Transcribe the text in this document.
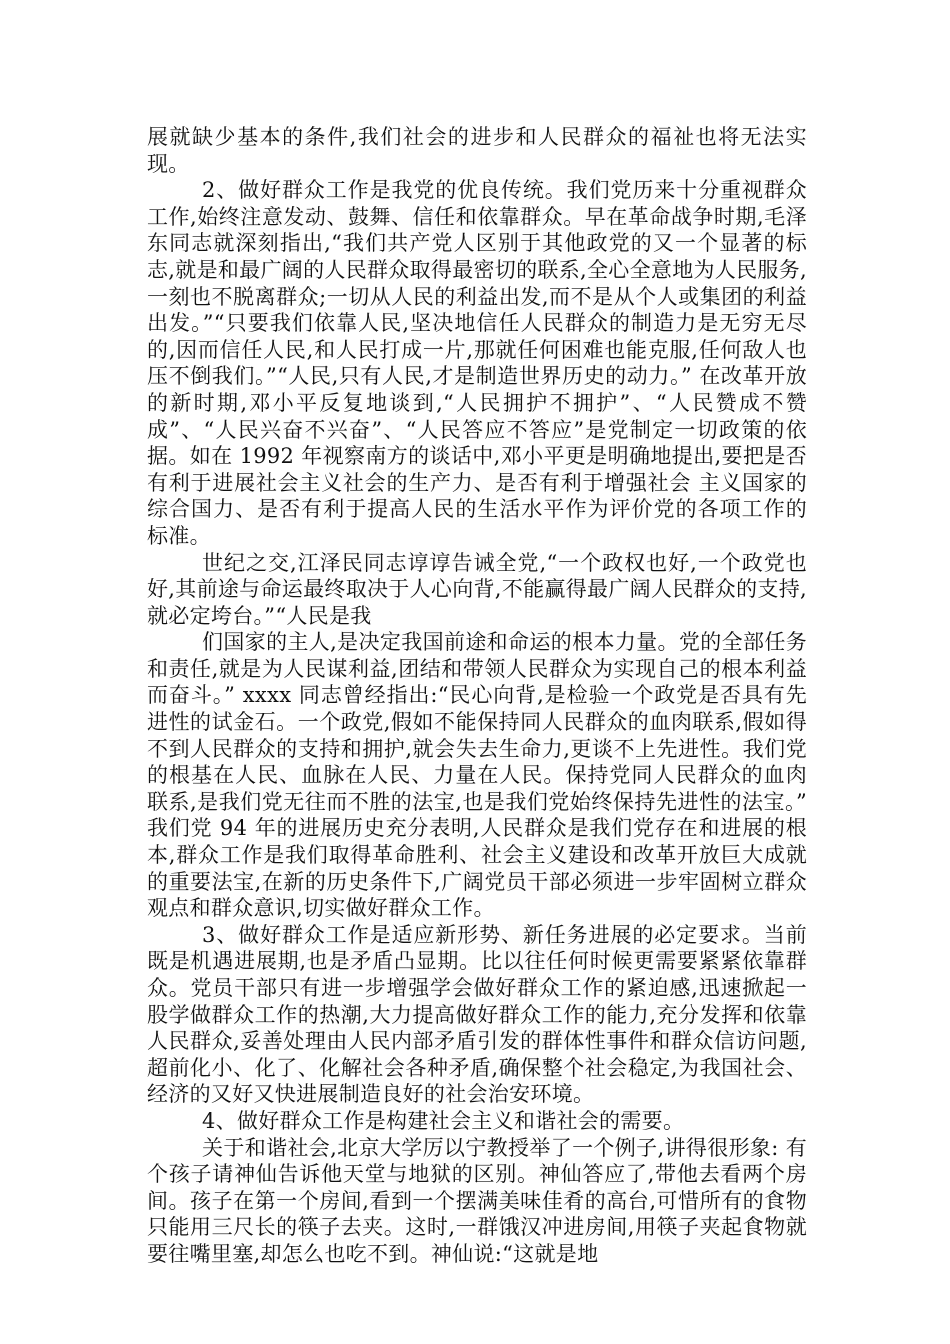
展就缺少基本的条件,我们社会的进步和人民群众的福祉也将无法实现。

2、做好群众工作是我党的优良传统。我们党历来十分重视群众工作,始终注意发动、鼓舞、信任和依靠群众。早在革命战争时期,毛泽东同志就深刻指出,“我们共产党人区别于其他政党的又一个显著的标志,就是和最广阔的人民群众取得最密切的联系,全心全意地为人民服务,一刻也不脱离群众;一切从人民的利益出发,而不是从个人或集团的利益出发。”“只要我们依靠人民,坚决地信任人民群众的制造力是无穷无尽的,因而信任人民,和人民打成一片,那就任何困难也能克服,任何敌人也压不倒我们。”“人民,只有人民,才是制造世界历史的动力。” 在改革开放的新时期,邓小平反复地谈到,“人民拥护不拥护”、“人民赞成不赞成”、“人民兴奋不兴奋”、“人民答应不答应”是党制定一切政策的依据。如在 1992 年视察南方的谈话中,邓小平更是明确地提出,要把是否有利于进展社会主义社会的生产力、是否有利于增强社会 主义国家的综合国力、是否有利于提高人民的生活水平作为评价党的各项工作的标准。

世纪之交,江泽民同志谆谆告诫全党,“一个政权也好,一个政党也好,其前途与命运最终取决于人心向背,不能赢得最广阔人民群众的支持,就必定垮台。”“人民是我

们国家的主人,是决定我国前途和命运的根本力量。党的全部任务和责任,就是为人民谋利益,团结和带领人民群众为实现自己的根本利益而奋斗。” xxxx 同志曾经指出:“民心向背,是检验一个政党是否具有先进性的试金石。一个政党,假如不能保持同人民群众的血肉联系,假如得不到人民群众的支持和拥护,就会失去生命力,更谈不上先进性。我们党的根基在人民、血脉在人民、力量在人民。保持党同人民群众的血肉联系,是我们党无往而不胜的法宝,也是我们党始终保持先进性的法宝。” 我们党 94 年的进展历史充分表明,人民群众是我们党存在和进展的根本,群众工作是我们取得革命胜利、社会主义建设和改革开放巨大成就的重要法宝,在新的历史条件下,广阔党员干部必须进一步牢固树立群众观点和群众意识,切实做好群众工作。

3、做好群众工作是适应新形势、新任务进展的必定要求。当前既是机遇进展期,也是矛盾凸显期。比以往任何时候更需要紧紧依靠群众。党员干部只有进一步增强学会做好群众工作的紧迫感,迅速掀起一股学做群众工作的热潮,大力提高做好群众工作的能力,充分发挥和依靠人民群众,妥善处理由人民内部矛盾引发的群体性事件和群众信访问题,超前化小、化了、化解社会各种矛盾,确保整个社会稳定,为我国社会、经济的又好又快进展制造良好的社会治安环境。

4、做好群众工作是构建社会主义和谐社会的需要。

关于和谐社会,北京大学厉以宁教授举了一个例子,讲得很形象: 有个孩子请神仙告诉他天堂与地狱的区别。神仙答应了,带他去看两个房间。孩子在第一个房间,看到一个摆满美味佳肴的高台,可惜所有的食物只能用三尺长的筷子去夹。这时,一群饿汉冲进房间,用筷子夹起食物就要往嘴里塞,却怎么也吃不到。神仙说:“这就是地
